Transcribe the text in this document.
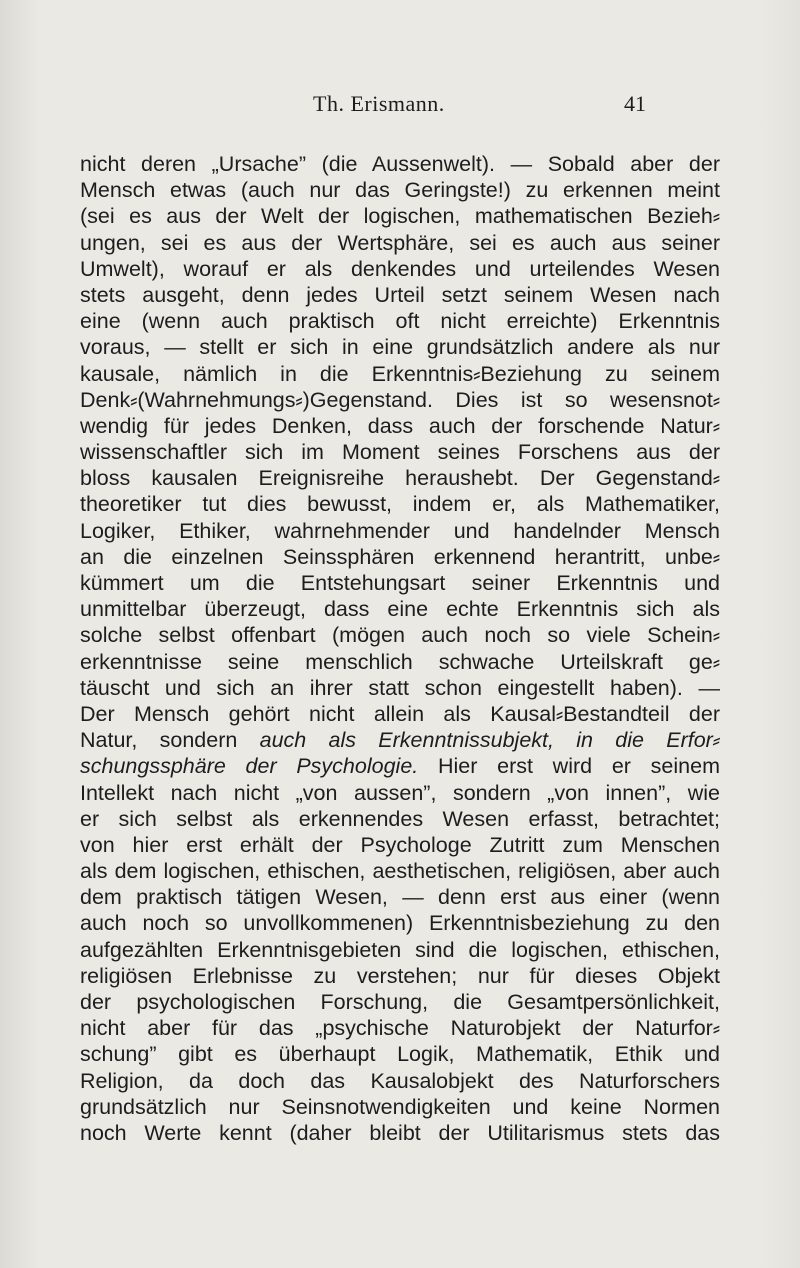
Th. Erismann.	41
nicht deren „Ursache” (die Aussenwelt). — Sobald aber der
Mensch etwas (auch nur das Geringste!) zu erkennen meint
(sei es aus der Welt der logischen, mathematischen Bezieh⸗
ungen, sei es aus der Wertsphäre, sei es auch aus seiner
Umwelt), worauf er als denkendes und urteilendes Wesen
stets ausgeht, denn jedes Urteil setzt seinem Wesen nach
eine (wenn auch praktisch oft nicht erreichte) Erkenntnis
voraus, — stellt er sich in eine grundsätzlich andere als nur
kausale, nämlich in die Erkenntnis⸗Beziehung zu seinem
Denk⸗(Wahrnehmungs⸗)Gegenstand. Dies ist so wesensnot⸗
wendig für jedes Denken, dass auch der forschende Natur⸗
wissenschaftler sich im Moment seines Forschens aus der
bloss kausalen Ereignisreihe heraushebt. Der Gegenstand⸗
theoretiker tut dies bewusst, indem er, als Mathematiker,
Logiker, Ethiker, wahrnehmender und handelnder Mensch
an die einzelnen Seinssphären erkennend herantritt, unbe⸗
kümmert um die Entstehungsart seiner Erkenntnis und
unmittelbar überzeugt, dass eine echte Erkenntnis sich als
solche selbst offenbart (mögen auch noch so viele Schein⸗
erkenntnisse seine menschlich schwache Urteilskraft ge⸗
täuscht und sich an ihrer statt schon eingestellt haben). —
Der Mensch gehört nicht allein als Kausal⸗Bestandteil der
Natur, sondern auch als Erkenntnissubjekt, in die Erfor⸗
schungssphäre der Psychologie. Hier erst wird er seinem
Intellekt nach nicht „von aussen”, sondern „von innen”, wie
er sich selbst als erkennendes Wesen erfasst, betrachtet;
von hier erst erhält der Psychologe Zutritt zum Menschen
als dem logischen, ethischen, aesthetischen, religiösen, aber auch
dem praktisch tätigen Wesen, — denn erst aus einer (wenn
auch noch so unvollkommenen) Erkenntnisbeziehung zu den
aufgezählten Erkenntnisgebieten sind die logischen, ethischen,
religiösen Erlebnisse zu verstehen; nur für dieses Objekt
der psychologischen Forschung, die Gesamtpersönlichkeit,
nicht aber für das „psychische Naturobjekt der Naturfor⸗
schung” gibt es überhaupt Logik, Mathematik, Ethik und
Religion, da doch das Kausalobjekt des Naturforschers
grundsätzlich nur Seinsnotwendigkeiten und keine Normen
noch Werte kennt (daher bleibt der Utilitarismus stets das
